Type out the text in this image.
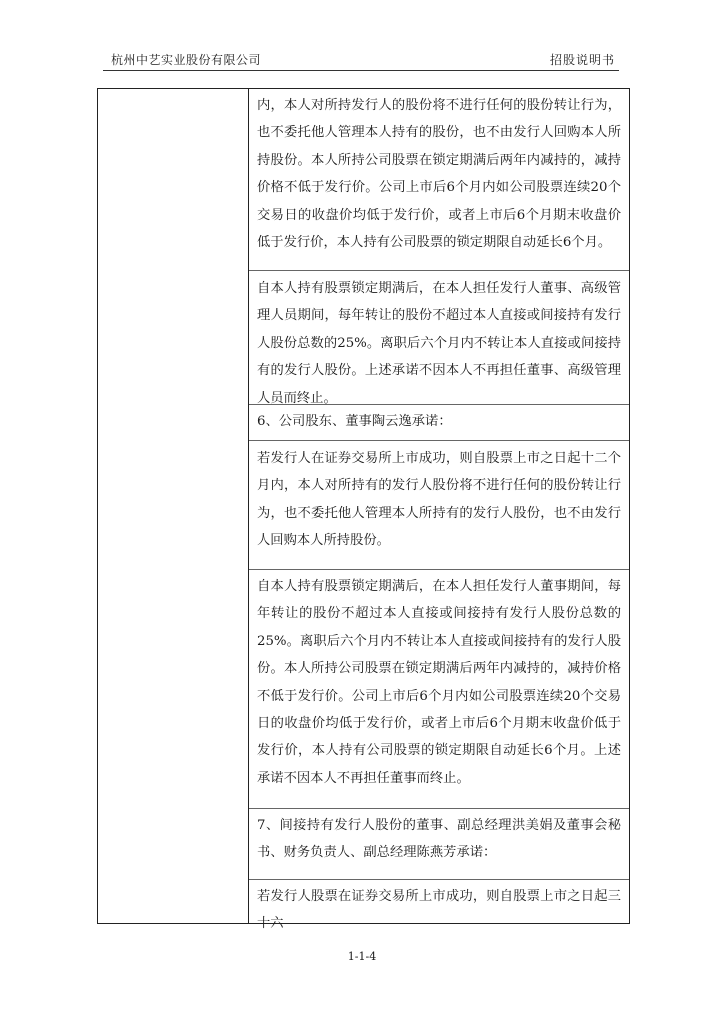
杭州中艺实业股份有限公司	招股说明书

内，本人对所持发行人的股份将不进行任何的股份转让行为，也不委托他人管理本人持有的股份，也不由发行人回购本人所持股份。本人所持公司股票在锁定期满后两年内减持的，减持价格不低于发行价。公司上市后6个月内如公司股票连续20个交易日的收盘价均低于发行价，或者上市后6个月期末收盘价低于发行价，本人持有公司股票的锁定期限自动延长6个月。

自本人持有股票锁定期满后，在本人担任发行人董事、高级管理人员期间，每年转让的股份不超过本人直接或间接持有发行人股份总数的25%。离职后六个月内不转让本人直接或间接持有的发行人股份。上述承诺不因本人不再担任董事、高级管理人员而终止。

6、公司股东、董事陶云逸承诺：

若发行人在证券交易所上市成功，则自股票上市之日起十二个月内，本人对所持有的发行人股份将不进行任何的股份转让行为，也不委托他人管理本人所持有的发行人股份，也不由发行人回购本人所持股份。

自本人持有股票锁定期满后，在本人担任发行人董事期间，每年转让的股份不超过本人直接或间接持有发行人股份总数的25%。离职后六个月内不转让本人直接或间接持有的发行人股份。本人所持公司股票在锁定期满后两年内减持的，减持价格不低于发行价。公司上市后6个月内如公司股票连续20个交易日的收盘价均低于发行价，或者上市后6个月期末收盘价低于发行价，本人持有公司股票的锁定期限自动延长6个月。上述承诺不因本人不再担任董事而终止。

7、间接持有发行人股份的董事、副总经理洪美娟及董事会秘书、财务负责人、副总经理陈燕芳承诺：

若发行人股票在证券交易所上市成功，则自股票上市之日起三十六

1-1-4
